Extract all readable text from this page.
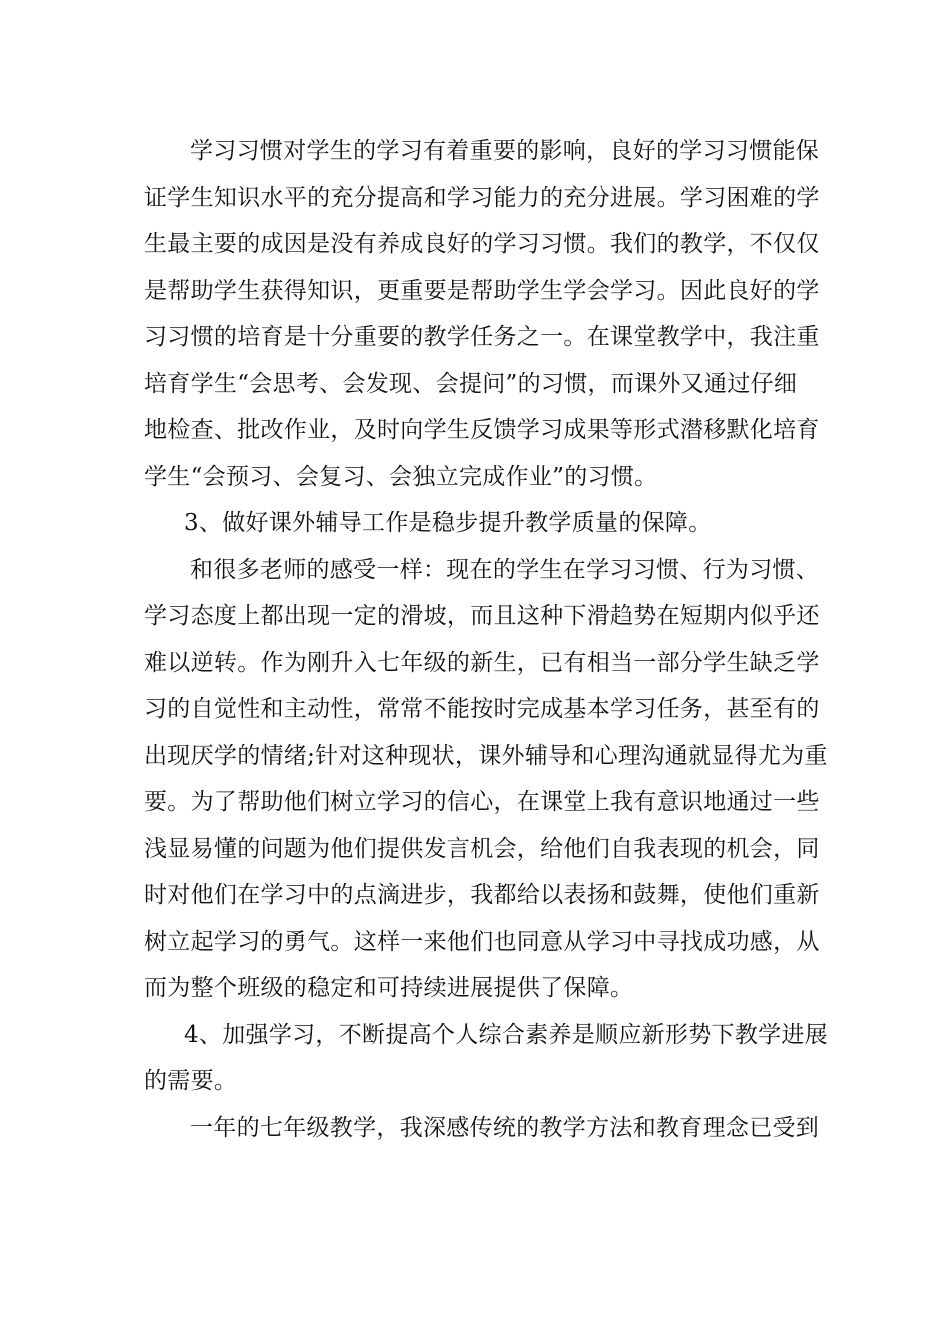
学习习惯对学生的学习有着重要的影响，良好的学习习惯能保
证学生知识水平的充分提高和学习能力的充分进展。学习困难的学
生最主要的成因是没有养成良好的学习习惯。我们的教学，不仅仅
是帮助学生获得知识，更重要是帮助学生学会学习。因此良好的学
习习惯的培育是十分重要的教学任务之一。在课堂教学中，我注重
培育学生“会思考、会发现、会提问”的习惯，而课外又通过仔细
地检查、批改作业，及时向学生反馈学习成果等形式潜移默化培育
学生“会预习、会复习、会独立完成作业”的习惯。
3、做好课外辅导工作是稳步提升教学质量的保障。
和很多老师的感受一样：现在的学生在学习习惯、行为习惯、
学习态度上都出现一定的滑坡，而且这种下滑趋势在短期内似乎还
难以逆转。作为刚升入七年级的新生，已有相当一部分学生缺乏学
习的自觉性和主动性，常常不能按时完成基本学习任务，甚至有的
出现厌学的情绪;针对这种现状，课外辅导和心理沟通就显得尤为重
要。为了帮助他们树立学习的信心，在课堂上我有意识地通过一些
浅显易懂的问题为他们提供发言机会，给他们自我表现的机会，同
时对他们在学习中的点滴进步，我都给以表扬和鼓舞，使他们重新
树立起学习的勇气。这样一来他们也同意从学习中寻找成功感，从
而为整个班级的稳定和可持续进展提供了保障。
4、加强学习，不断提高个人综合素养是顺应新形势下教学进展
的需要。
一年的七年级教学，我深感传统的教学方法和教育理念已受到
